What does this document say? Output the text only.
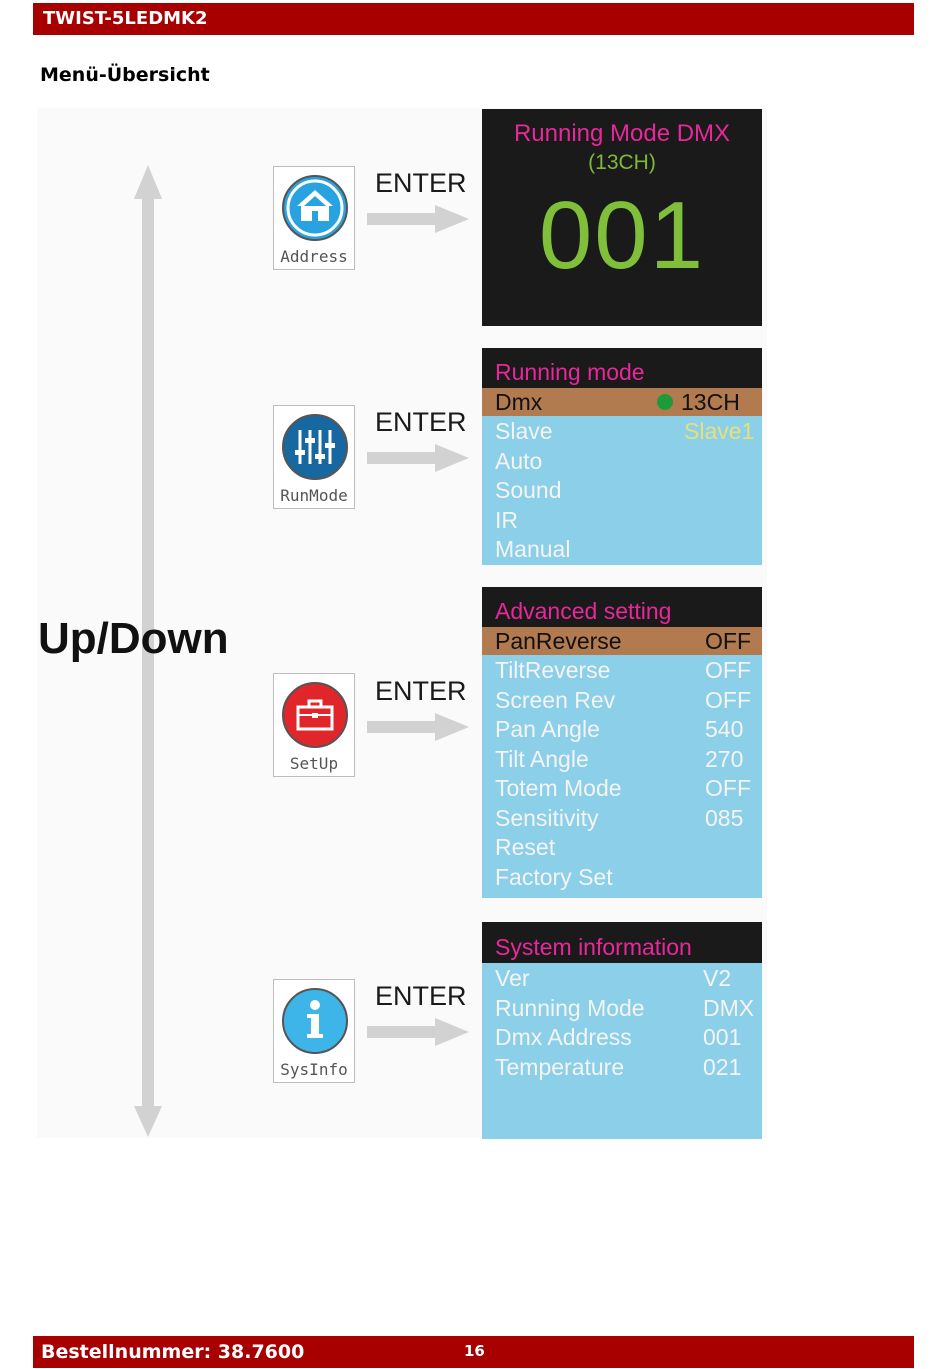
TWIST-5LEDMK2
Menü-Übersicht
Up/Down
Address
RunMode
SetUp
SysInfo
ENTER
ENTER
ENTER
ENTER
Running Mode DMX
(13CH)
001
Running mode
Dmx	13CH
Slave	Slave1
Auto
Sound
IR
Manual
Advanced setting
PanReverse	OFF
TiltReverse	OFF
Screen Rev	OFF
Pan Angle	540
Tilt Angle	270
Totem Mode	OFF
Sensitivity	085
Reset
Factory Set
System information
Ver	V2
Running Mode	DMX
Dmx Address	001
Temperature	021
Bestellnummer: 38.7600	16
